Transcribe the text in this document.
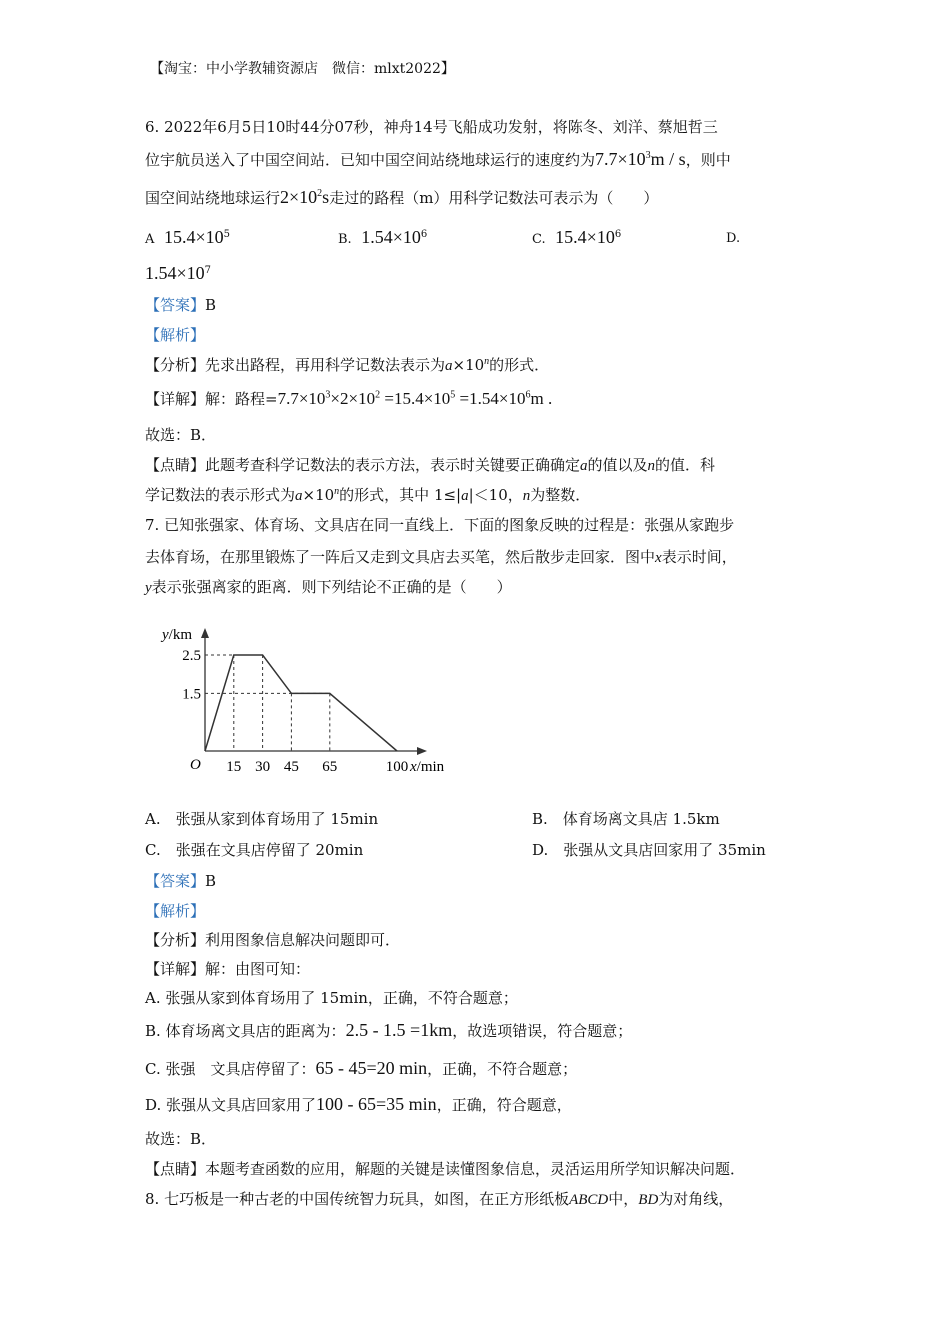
【淘宝：中小学教辅资源店　微信：mlxt2022】
6. 2022年6月5日10时44分07秒，神舟14号飞船成功发射，将陈冬、刘洋、蔡旭哲三
位宇航员送入了中国空间站．已知中国空间站绕地球运行的速度约为$7.7\times 10^3m / s$，则中
国空间站绕地球运行$2\times 10^2s$走过的路程（m）用科学记数法可表示为（　　）
A $15.4\times 10^5$	B. $1.54\times 10^6$	C. $15.4\times 10^6$	D.
$1.54\times 10^7$
【答案】B
【解析】
【分析】先求出路程，再用科学记数法表示为$a\times 10^n$的形式．
【详解】解：路程$=7.7\times 10^3\times 2\times 10^2 =15.4\times 10^5 =1.54\times 10^6m$ .
故选：B．
【点睛】此题考查科学记数法的表示方法，表示时关键要正确确定a的值以及n的值．科
学记数法的表示形式为$a\times 10^n$的形式，其中 1≤|a|＜10，n为整数．
7. 已知张强家、体育场、文具店在同一直线上．下面的图象反映的过程是：张强从家跑步
去体育场，在那里锻炼了一阵后又走到文具店去买笔，然后散步走回家．图中x表示时间，
y表示张强离家的距离．则下列结论不正确的是（　　）
y/km
x/min
O 15 30 45 65	100
2.5
1.5
A.　张强从家到体育场用了 15min	B.　体育场离文具店 1.5km
C.　张强在文具店停留了 20min	D.　张强从文具店回家用了 35min
【答案】B
【解析】
【分析】利用图象信息解决问题即可．
【详解】解：由图可知：
A. 张强从家到体育场用了 15min，正确，不符合题意；
B. 体育场离文具店的距离为：2.5 - 1.5 =1km，故选项错误，符合题意；
C. 张强　文具店停留了：65 - 45=20 min，正确，不符合题意；
D. 张强从文具店回家用了100 - 65=35 min，正确，符合题意，
故选：B．
【点睛】本题考查函数的应用，解题的关键是读懂图象信息，灵活运用所学知识解决问题．
8. 七巧板是一种古老的中国传统智力玩具，如图，在正方形纸板ABCD中，BD为对角线，
